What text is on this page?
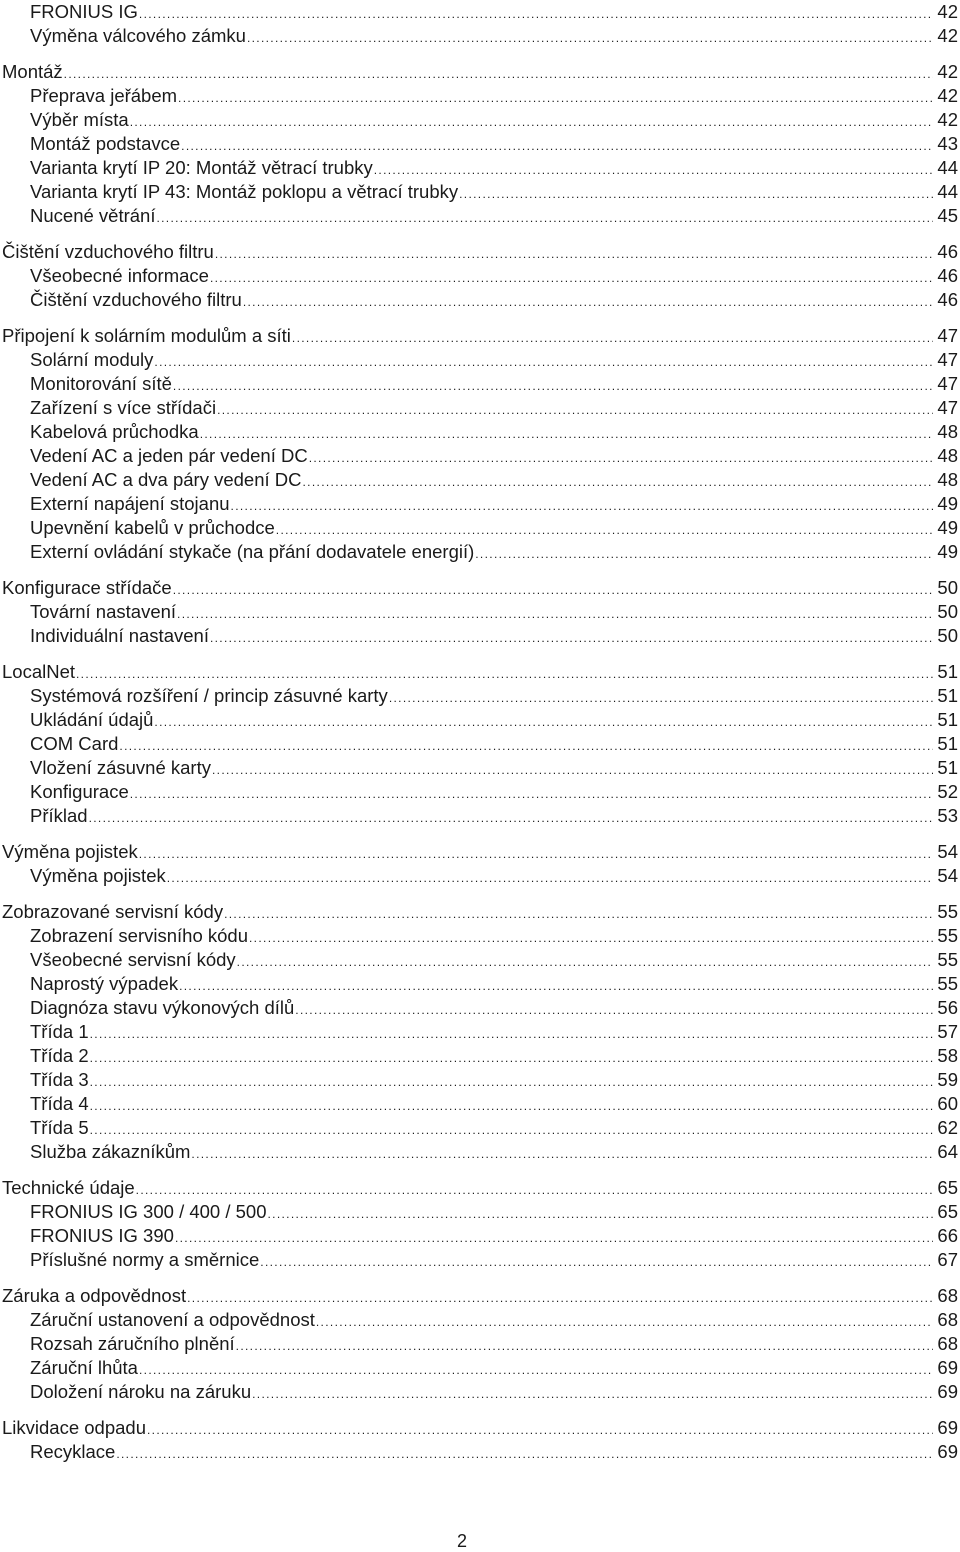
FRONIUS IG . . .	42
Výměna válcového zámku . . .	42
Montáž . . .	42
Přeprava jeřábem . . .	42
Výběr místa . . .	42
Montáž podstavce . . .	43
Varianta krytí IP 20: Montáž větrací trubky . . .	44
Varianta krytí IP 43: Montáž poklopu a větrací trubky . . .	44
Nucené větrání . . .	45
Čištění vzduchového filtru . . .	46
Všeobecné informace . . .	46
Čištění vzduchového filtru . . .	46
Připojení k solárním modulům a síti . . .	47
Solární moduly . . .	47
Monitorování sítě . . .	47
Zařízení s více střídači . . .	47
Kabelová průchodka . . .	48
Vedení AC a jeden pár vedení DC . . .	48
Vedení AC a dva páry vedení DC . . .	48
Externí napájení stojanu . . .	49
Upevnění kabelů v průchodce . . .	49
Externí ovládání stykače (na přání dodavatele energií) . . .	49
Konfigurace střídače . . .	50
Tovární nastavení . . .	50
Individuální nastavení . . .	50
LocalNet . . .	51
Systémová rozšíření / princip zásuvné karty . . .	51
Ukládání údajů . . .	51
COM Card . . .	51
Vložení zásuvné karty . . .	51
Konfigurace . . .	52
Příklad . . .	53
Výměna pojistek . . .	54
Výměna pojistek . . .	54
Zobrazované servisní kódy . . .	55
Zobrazení servisního kódu . . .	55
Všeobecné servisní kódy . . .	55
Naprostý výpadek . . .	55
Diagnóza stavu výkonových dílů . . .	56
Třída 1 . . .	57
Třída 2 . . .	58
Třída 3 . . .	59
Třída 4 . . .	60
Třída 5 . . .	62
Služba zákazníkům . . .	64
Technické údaje . . .	65
FRONIUS IG 300 / 400 / 500 . . .	65
FRONIUS IG 390 . . .	66
Příslušné normy a směrnice . . .	67
Záruka a odpovědnost . . .	68
Záruční ustanovení a odpovědnost . . .	68
Rozsah záručního plnění . . .	68
Záruční lhůta . . .	69
Doložení nároku na záruku . . .	69
Likvidace odpadu . . .	69
Recyklace . . .	69
2
